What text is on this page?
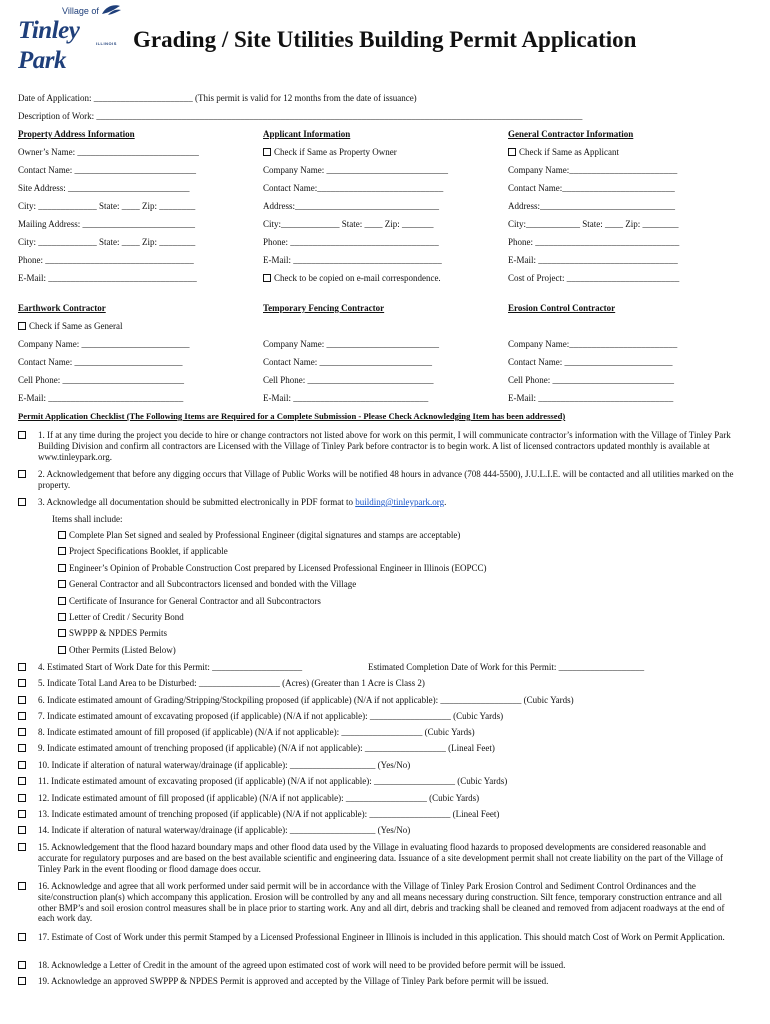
Village of
Tinley Park
ILLINOIS Grading / Site Utilities Building Permit Application
Date of Application: ______________________ (This permit is valid for 12 months from the date of issuance)
Description of Work: ____________________________________________________________________________________________________________
Property Address Information
Owner’s Name: ___________________________
Contact Name: ___________________________
Site Address: ___________________________
City: _____________ State: ____ Zip: ________
Mailing Address: _________________________
City: _____________ State: ____ Zip: ________
Phone: _________________________________
E-Mail: _________________________________
Applicant Information
Check if Same as Property Owner
Company Name: ___________________________
Contact Name:____________________________
Address:________________________________
City:_____________ State: ____ Zip: _______
Phone: _________________________________
E-Mail: _________________________________
Check to be copied on e-mail correspondence.
General Contractor Information
Check if Same as Applicant
Company Name:________________________
Contact Name:_________________________
Address:______________________________
City:____________ State: ____ Zip: ________
Phone: ________________________________
E-Mail: _______________________________
Cost of Project: _________________________
Earthwork Contractor
Check if Same as General
Company Name: ________________________
Contact Name: ________________________
Cell Phone: ___________________________
E-Mail: ______________________________
Temporary Fencing Contractor
Company Name: _________________________
Contact Name: _________________________
Cell Phone: ____________________________
E-Mail: ______________________________
Erosion Control Contractor
Company Name:________________________
Contact Name: ________________________
Cell Phone: ___________________________
E-Mail: ______________________________
Permit Application Checklist (The Following Items are Required for a Complete Submission - Please Check Acknowledging Item has been addressed)
1. If at any time during the project you decide to hire or change contractors not listed above for work on this permit, I will communicate contractor’s information with the Village of Tinley Park Building Division and confirm all contractors are Licensed with the Village of Tinley Park before contractor is to begin work. A list of licensed contractors updated monthly is available at www.tinleypark.org.
2. Acknowledgement that before any digging occurs that Village of Public Works will be notified 48 hours in advance (708 444-5500), J.U.L.I.E. will be contacted and all utilities marked on the property.
3. Acknowledge all documentation should be submitted electronically in PDF format to building@tinleypark.org.
Items shall include:
Complete Plan Set signed and sealed by Professional Engineer (digital signatures and stamps are acceptable)
Project Specifications Booklet, if applicable
Engineer’s Opinion of Probable Construction Cost prepared by Licensed Professional Engineer in Illinois (EOPCC)
General Contractor and all Subcontractors licensed and bonded with the Village
Certificate of Insurance for General Contractor and all Subcontractors
Letter of Credit / Security Bond
SWPPP & NPDES Permits
Other Permits (Listed Below)
4. Estimated Start of Work Date for this Permit: ____________________	Estimated Completion Date of Work for this Permit: ___________________
5. Indicate Total Land Area to be Disturbed: __________________ (Acres) (Greater than 1 Acre is Class 2)
6. Indicate estimated amount of Grading/Stripping/Stockpiling proposed (if applicable) (N/A if not applicable): __________________ (Cubic Yards)
7. Indicate estimated amount of excavating proposed (if applicable) (N/A if not applicable): __________________ (Cubic Yards)
8. Indicate estimated amount of fill proposed (if applicable) (N/A if not applicable): __________________ (Cubic Yards)
9. Indicate estimated amount of trenching proposed (if applicable) (N/A if not applicable): __________________ (Lineal Feet)
10. Indicate if alteration of natural waterway/drainage (if applicable): ___________________ (Yes/No)
11. Indicate estimated amount of excavating proposed (if applicable) (N/A if not applicable): __________________ (Cubic Yards)
12. Indicate estimated amount of fill proposed (if applicable) (N/A if not applicable): __________________ (Cubic Yards)
13. Indicate estimated amount of trenching proposed (if applicable) (N/A if not applicable): __________________ (Lineal Feet)
14. Indicate if alteration of natural waterway/drainage (if applicable): ___________________ (Yes/No)
15. Acknowledgement that the flood hazard boundary maps and other flood data used by the Village in evaluating flood hazards to proposed developments are considered reasonable and accurate for regulatory purposes and are based on the best available scientific and engineering data. Issuance of a site development permit shall not create liability on the part of the Village of Tinley Park in the event flooding or flood damage does occur.
16. Acknowledge and agree that all work performed under said permit will be in accordance with the Village of Tinley Park Erosion Control and Sediment Control Ordinances and the site/construction plan(s) which accompany this application. Erosion will be controlled by any and all means necessary during construction. Silt fence, temporary construction entrance and all other BMP’s and soil erosion control measures shall be in place prior to starting work. Any and all dirt, debris and tracking shall be cleaned and removed from adjacent roadways at the end of each work day.
17. Estimate of Cost of Work under this permit Stamped by a Licensed Professional Engineer in Illinois is included in this application. This should match Cost of Work on Permit Application.
18. Acknowledge a Letter of Credit in the amount of the agreed upon estimated cost of work will need to be provided before permit will be issued.
19. Acknowledge an approved SWPPP & NPDES Permit is approved and accepted by the Village of Tinley Park before permit will be issued.
